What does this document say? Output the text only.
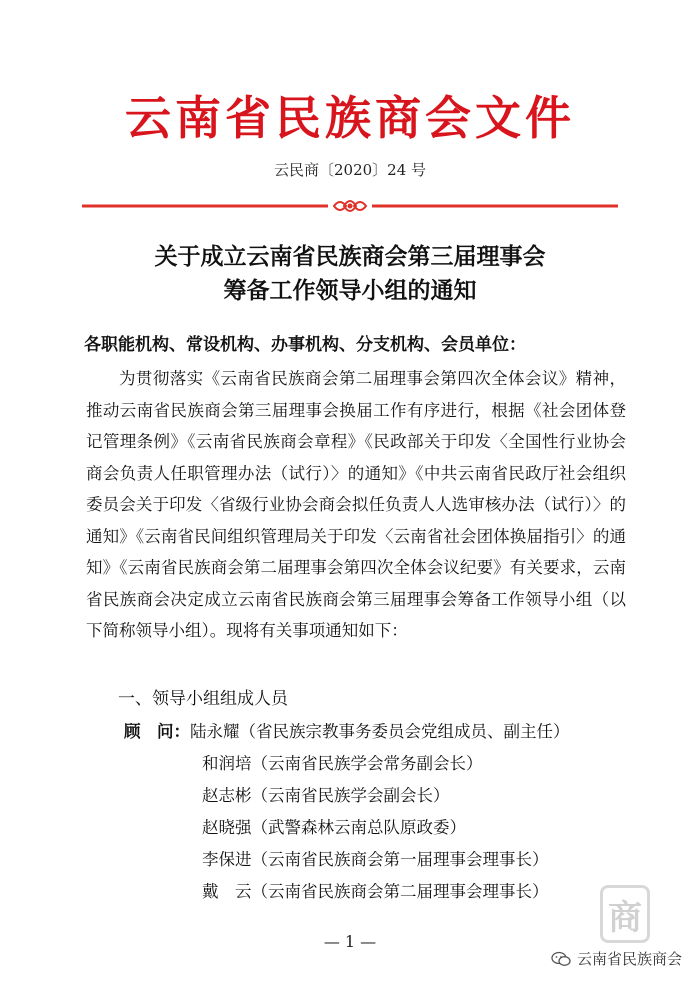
云南省民族商会文件
云民商〔2020〕24 号
关于成立云南省民族商会第三届理事会
筹备工作领导小组的通知
各职能机构、常设机构、办事机构、分支机构、会员单位：
为贯彻落实《云南省民族商会第二届理事会第四次全体会议》精神，推动云南省民族商会第三届理事会换届工作有序进行，根据《社会团体登记管理条例》《云南省民族商会章程》《民政部关于印发〈全国性行业协会商会负责人任职管理办法（试行）〉的通知》《中共云南省民政厅社会组织委员会关于印发〈省级行业协会商会拟任负责人人选审核办法（试行）〉的通知》《云南省民间组织管理局关于印发〈云南省社会团体换届指引〉的通知》《云南省民族商会第二届理事会第四次全体会议纪要》有关要求，云南省民族商会决定成立云南省民族商会第三届理事会筹备工作领导小组（以下简称领导小组）。现将有关事项通知如下：
一、领导小组组成人员
顾　问：陆永耀（省民族宗教事务委员会党组成员、副主任）
和润培（云南省民族学会常务副会长）
赵志彬（云南省民族学会副会长）
赵晓强（武警森林云南总队原政委）
李保进（云南省民族商会第一届理事会理事长）
戴　云（云南省民族商会第二届理事会理事长）
— 1 —
商
云南省民族商会
